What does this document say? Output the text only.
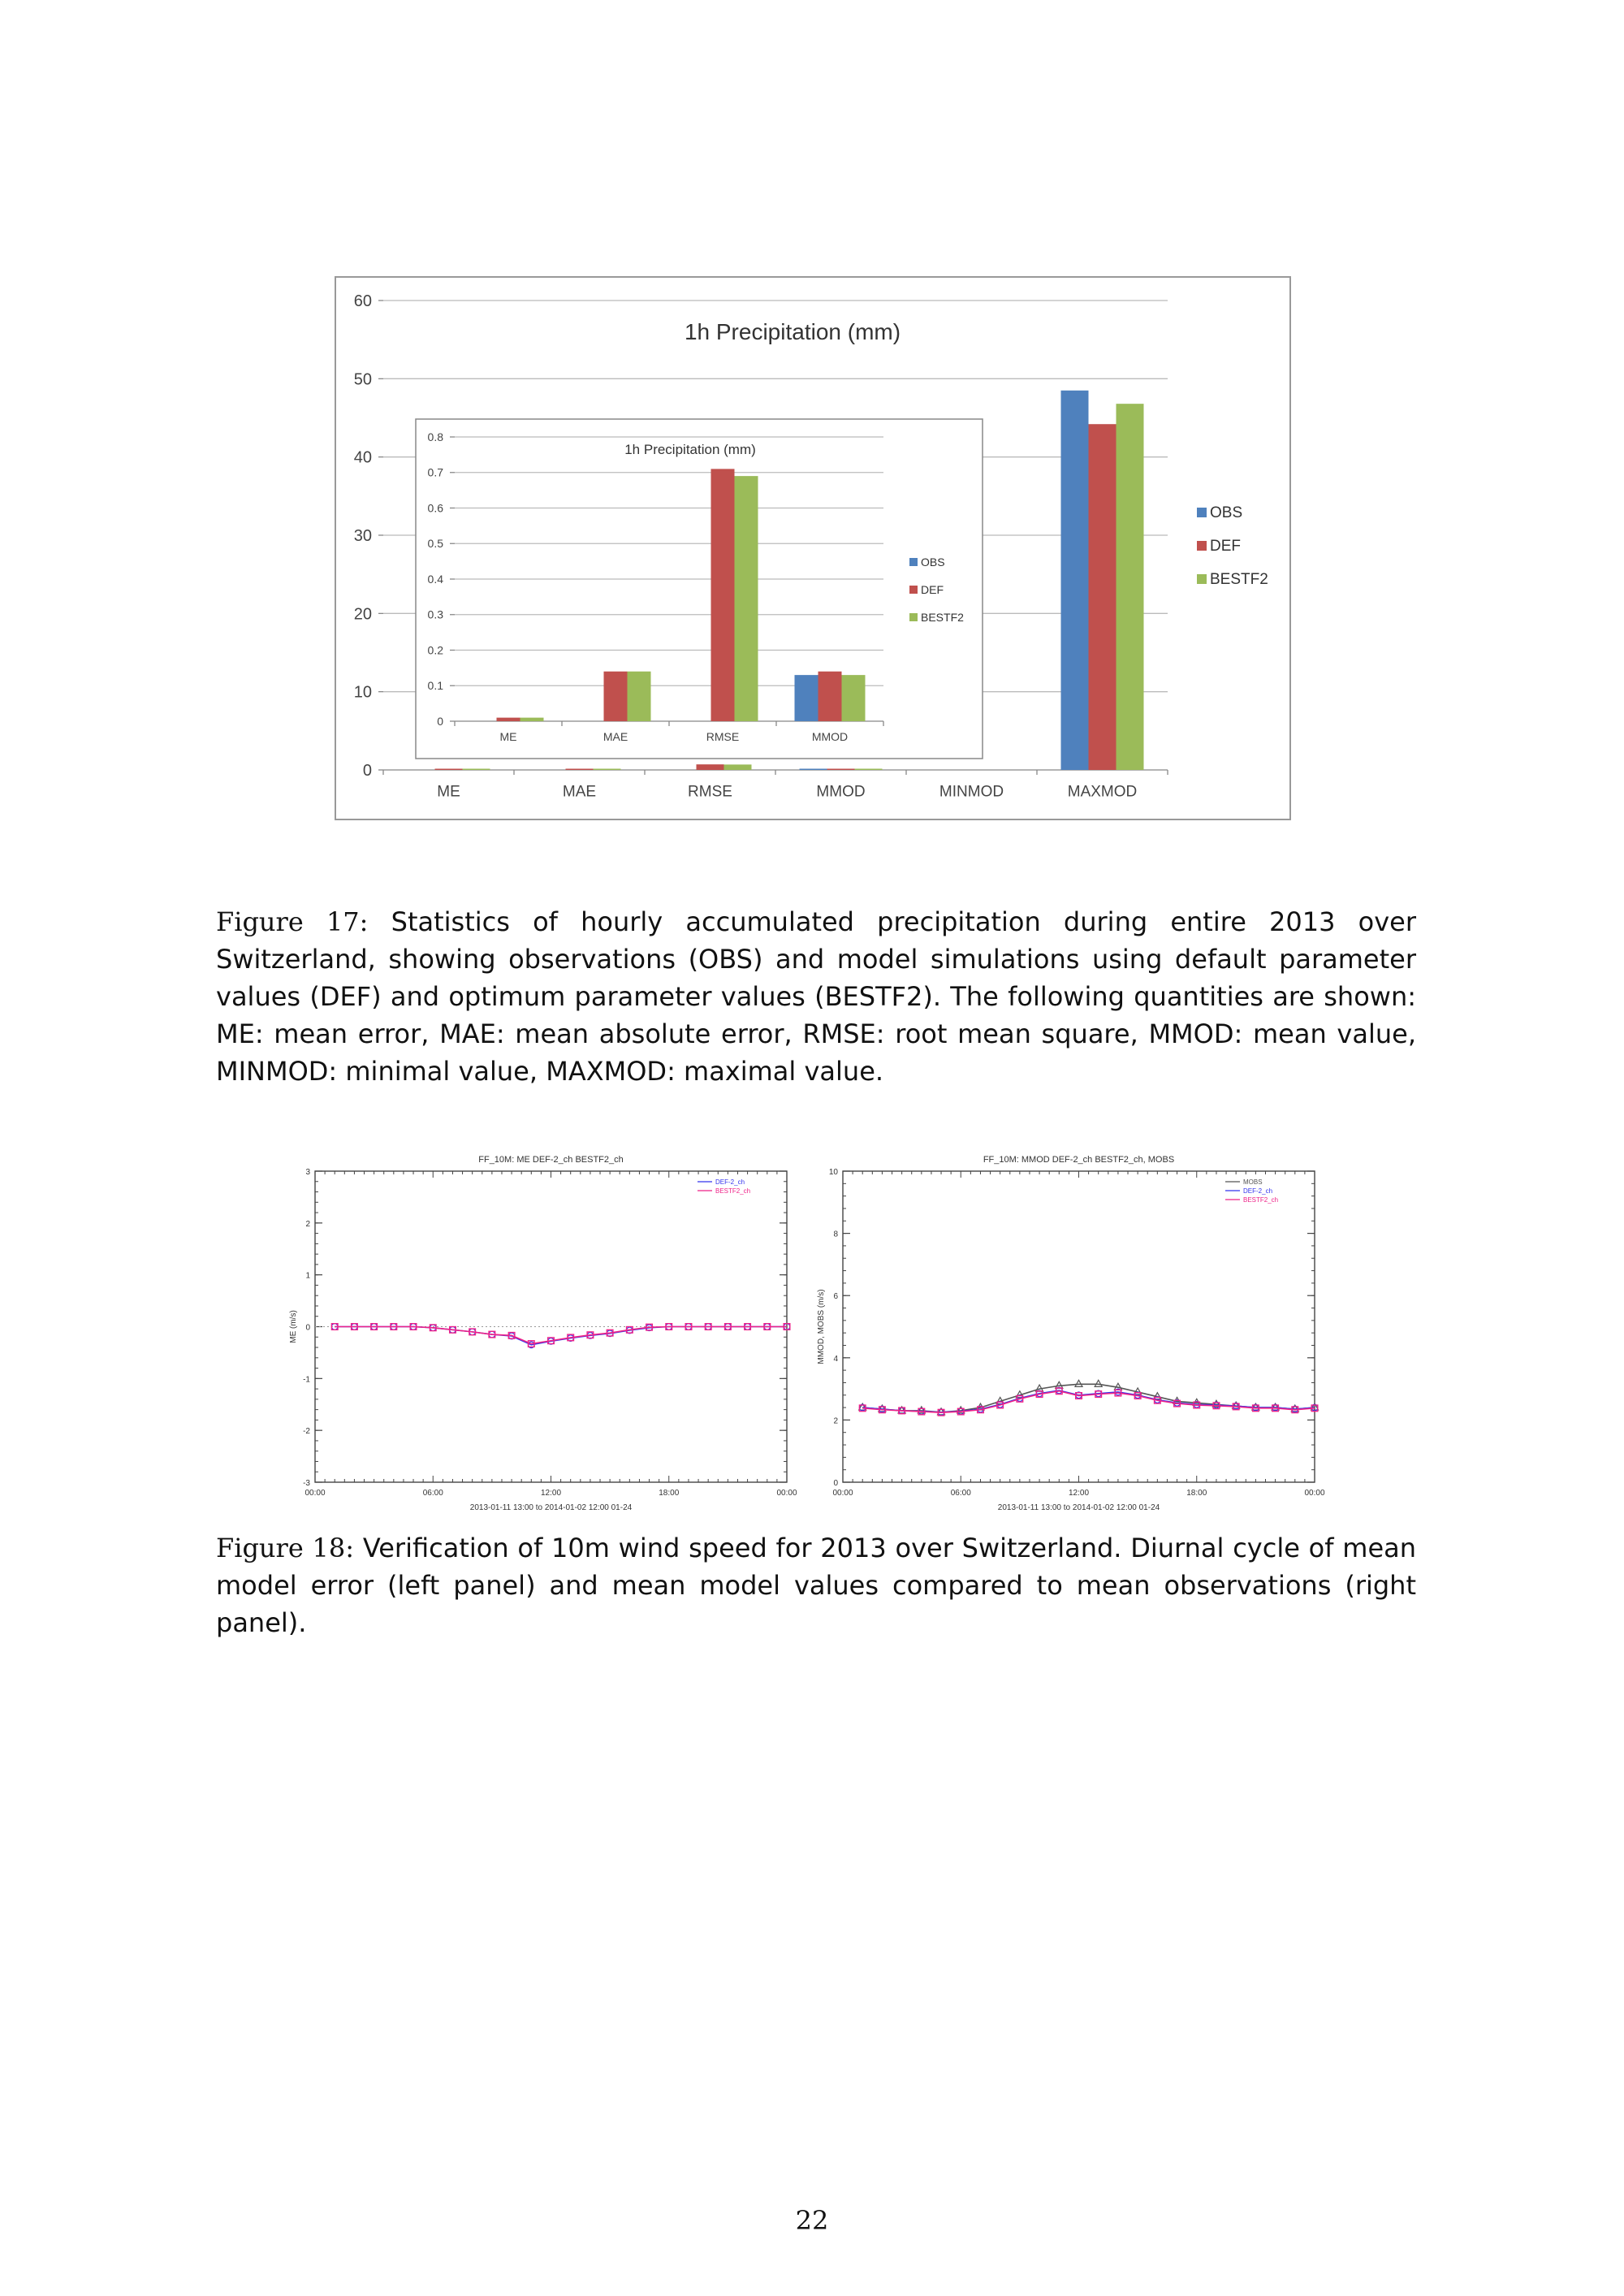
1h Precipitation (mm)
0
10
20
30
40
50
60
ME	MAE	RMSE	MMOD	MINMOD	MAXMOD
OBS
DEF
BESTF2
1h Precipitation (mm)
0
0.1
0.2
0.3
0.4
0.5
0.6
0.7
0.8
ME	MAE	RMSE	MMOD
OBS
DEF
BESTF2
Figure 17: Statistics of hourly accumulated precipitation during entire 2013 over Switzerland, showing observations (OBS) and model simulations using default parameter values (DEF) and optimum parameter values (BESTF2). The following quantities are shown: ME: mean error, MAE: mean absolute error, RMSE: root mean square, MMOD: mean value, MINMOD: minimal value, MAXMOD: maximal value.
FF_10M: ME DEF-2_ch BESTF2_ch
-3
-2
-1
0
1
2
3
00:00	06:00	12:00	18:00	00:00
2013-01-11 13:00 to 2014-01-02 12:00 01-24
ME (m/s)
DEF-2_ch
BESTF2_ch
FF_10M: MMOD DEF-2_ch BESTF2_ch, MOBS
0
2
4
6
8
10
00:00	06:00	12:00	18:00	00:00
2013-01-11 13:00 to 2014-01-02 12:00 01-24
MMOD, MOBS (m/s)
MOBS
DEF-2_ch
BESTF2_ch
Figure 18: Verification of 10m wind speed for 2013 over Switzerland. Diurnal cycle of mean model error (left panel) and mean model values compared to mean observations (right panel).
22
